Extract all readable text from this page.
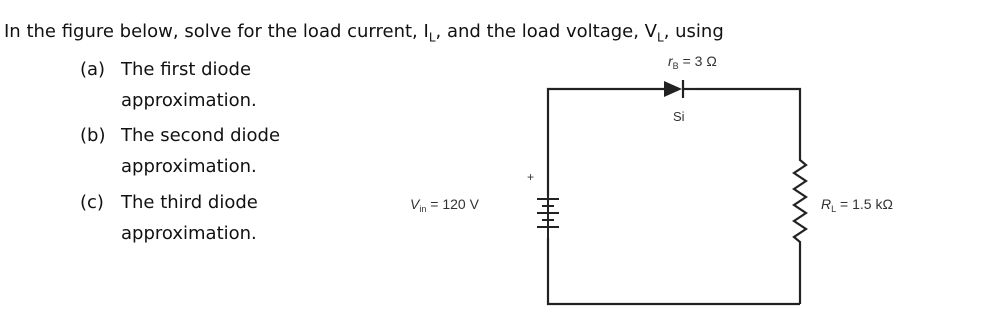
In the figure below, solve for the load current, $I_L$, and the load voltage, $V_L$, using
(a) The first diode
approximation.
(b) The second diode
approximation.
(c) The third diode
approximation.
$r_B = 3$ Ω
Si
$V_{in} = 120$ V
+
$R_L = 1.5$ kΩ
